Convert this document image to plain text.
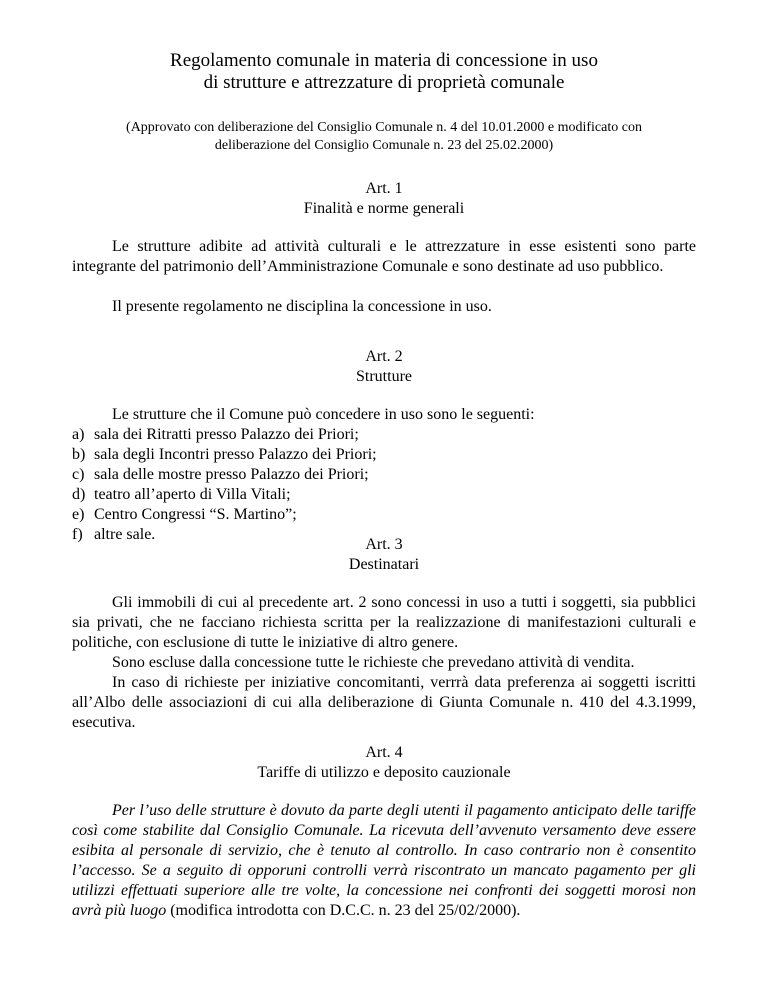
Regolamento comunale in materia di concessione in uso
di strutture e attrezzature di proprietà comunale
(Approvato con deliberazione del Consiglio Comunale n. 4 del 10.01.2000 e modificato con
deliberazione del Consiglio Comunale n. 23 del 25.02.2000)
Art. 1
Finalità e norme generali

Le strutture adibite ad attività culturali e le attrezzature in esse esistenti sono parte integrante del patrimonio dell’Amministrazione Comunale e sono destinate ad uso pubblico.

Il presente regolamento ne disciplina la concessione in uso.

Art. 2
Strutture

Le strutture che il Comune può concedere in uso sono le seguenti:

a) sala dei Ritratti presso Palazzo dei Priori;
b) sala degli Incontri presso Palazzo dei Priori;
c) sala delle mostre presso Palazzo dei Priori;
d) teatro all’aperto di Villa Vitali;
e) Centro Congressi “S. Martino”;
f) altre sale.
Art. 3
Destinatari

Gli immobili di cui al precedente art. 2 sono concessi in uso a tutti i soggetti, sia pubblici sia privati, che ne facciano richiesta scritta per la realizzazione di manifestazioni culturali e politiche, con esclusione di tutte le iniziative di altro genere.

Sono escluse dalla concessione tutte le richieste che prevedano attività di vendita.

In caso di richieste per iniziative concomitanti, verrrà data preferenza ai soggetti iscritti all’Albo delle associazioni di cui alla deliberazione di Giunta Comunale n. 410 del 4.3.1999, esecutiva.

Art. 4
Tariffe di utilizzo e deposito cauzionale

Per l’uso delle strutture è dovuto da parte degli utenti il pagamento anticipato delle tariffe così come stabilite dal Consiglio Comunale. La ricevuta dell’avvenuto versamento deve essere esibita al personale di servizio, che è tenuto al controllo. In caso contrario non è consentito l’accesso. Se a seguito di opporuni controlli verrà riscontrato un mancato pagamento per gli utilizzi effettuati superiore alle tre volte, la concessione nei confronti dei soggetti morosi non avrà più luogo (modifica introdotta con D.C.C. n. 23 del 25/02/2000).
